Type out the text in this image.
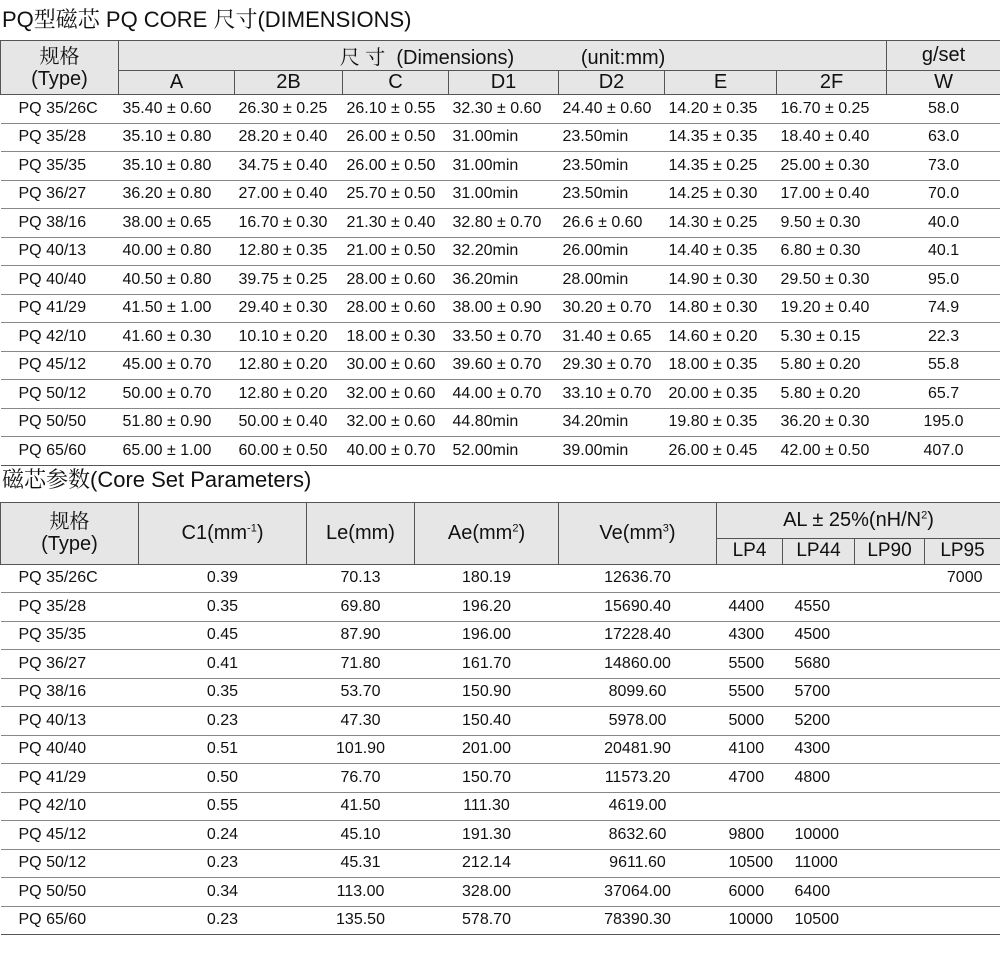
PQ型磁芯 PQ CORE 尺寸(DIMENSIONS)
规格
(Type)	尺 寸 (Dimensions) (unit:mm)							g/set
	A	2B	C	D1	D2	E	2F	W
PQ 35/26C	35.40 ± 0.60	26.30 ± 0.25	26.10 ± 0.55	32.30 ± 0.60	24.40 ± 0.60	14.20 ± 0.35	16.70 ± 0.25	58.0
PQ 35/28	35.10 ± 0.80	28.20 ± 0.40	26.00 ± 0.50	31.00min	23.50min	14.35 ± 0.35	18.40 ± 0.40	63.0
PQ 35/35	35.10 ± 0.80	34.75 ± 0.40	26.00 ± 0.50	31.00min	23.50min	14.35 ± 0.25	25.00 ± 0.30	73.0
PQ 36/27	36.20 ± 0.80	27.00 ± 0.40	25.70 ± 0.50	31.00min	23.50min	14.25 ± 0.30	17.00 ± 0.40	70.0
PQ 38/16	38.00 ± 0.65	16.70 ± 0.30	21.30 ± 0.40	32.80 ± 0.70	26.6 ± 0.60	14.30 ± 0.25	9.50 ± 0.30	40.0
PQ 40/13	40.00 ± 0.80	12.80 ± 0.35	21.00 ± 0.50	32.20min	26.00min	14.40 ± 0.35	6.80 ± 0.30	40.1
PQ 40/40	40.50 ± 0.80	39.75 ± 0.25	28.00 ± 0.60	36.20min	28.00min	14.90 ± 0.30	29.50 ± 0.30	95.0
PQ 41/29	41.50 ± 1.00	29.40 ± 0.30	28.00 ± 0.60	38.00 ± 0.90	30.20 ± 0.70	14.80 ± 0.30	19.20 ± 0.40	74.9
PQ 42/10	41.60 ± 0.30	10.10 ± 0.20	18.00 ± 0.30	33.50 ± 0.70	31.40 ± 0.65	14.60 ± 0.20	5.30 ± 0.15	22.3
PQ 45/12	45.00 ± 0.70	12.80 ± 0.20	30.00 ± 0.60	39.60 ± 0.70	29.30 ± 0.70	18.00 ± 0.35	5.80 ± 0.20	55.8
PQ 50/12	50.00 ± 0.70	12.80 ± 0.20	32.00 ± 0.60	44.00 ± 0.70	33.10 ± 0.70	20.00 ± 0.35	5.80 ± 0.20	65.7
PQ 50/50	51.80 ± 0.90	50.00 ± 0.40	32.00 ± 0.60	44.80min	34.20min	19.80 ± 0.35	36.20 ± 0.30	195.0
PQ 65/60	65.00 ± 1.00	60.00 ± 0.50	40.00 ± 0.70	52.00min	39.00min	26.00 ± 0.45	42.00 ± 0.50	407.0
磁芯参数(Core Set Parameters)
规格
(Type)	$C1(mm^{-1})$	Le(mm)	$Ae(mm^2)$	$Ve(mm^3)$	AL ± $25\%(nH/N^2)$			
					LP4	LP44	LP90	LP95
PQ 35/26C	0.39	70.13	180.19	12636.70				7000
PQ 35/28	0.35	69.80	196.20	15690.40	4400	4550		
PQ 35/35	0.45	87.90	196.00	17228.40	4300	4500		
PQ 36/27	0.41	71.80	161.70	14860.00	5500	5680		
PQ 38/16	0.35	53.70	150.90	8099.60	5500	5700		
PQ 40/13	0.23	47.30	150.40	5978.00	5000	5200		
PQ 40/40	0.51	101.90	201.00	20481.90	4100	4300		
PQ 41/29	0.50	76.70	150.70	11573.20	4700	4800		
PQ 42/10	0.55	41.50	111.30	4619.00				
PQ 45/12	0.24	45.10	191.30	8632.60	9800	10000		
PQ 50/12	0.23	45.31	212.14	9611.60	10500	11000		
PQ 50/50	0.34	113.00	328.00	37064.00	6000	6400		
PQ 65/60	0.23	135.50	578.70	78390.30	10000	10500		
